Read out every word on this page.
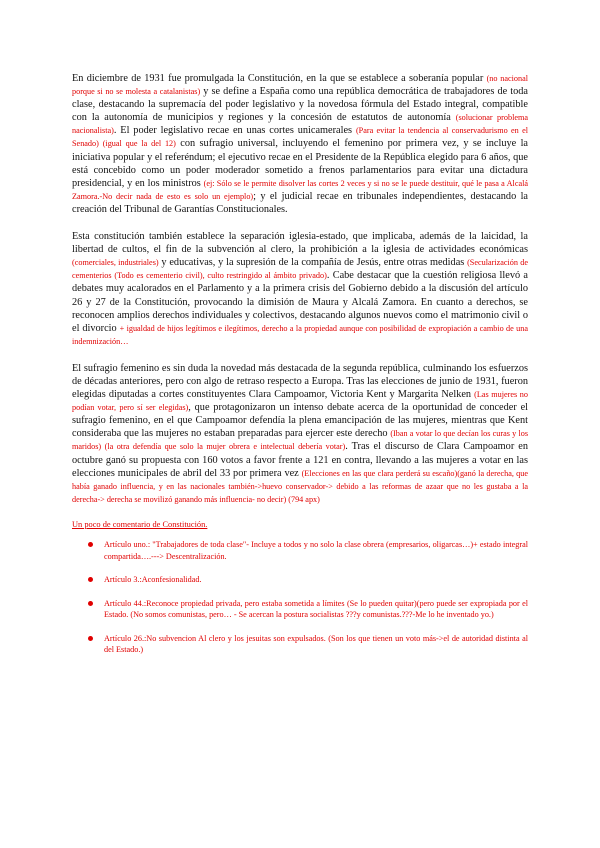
En diciembre de 1931 fue promulgada la Constitución, en la que se establece a soberanía popular (no nacional porque si no se molesta a catalanistas) y se define a España como una república democrática de trabajadores de toda clase, destacando la supremacía del poder legislativo y la novedosa fórmula del Estado integral, compatible con la autonomía de municipios y regiones y la concesión de estatutos de autonomía (solucionar problema nacionalista). El poder legislativo recae en unas cortes unicamerales (Para evitar la tendencia al conservadurismo en el Senado) (igual que la del 12) con sufragio universal, incluyendo el femenino por primera vez, y se incluye la iniciativa popular y el referéndum; el ejecutivo recae en el Presidente de la República elegido para 6 años, que está concebido como un poder moderador sometido a frenos parlamentarios para evitar una dictadura presidencial, y en los ministros (ej: Sólo se le permite disolver las cortes 2 veces y si no se le puede destituir, qué le pasa a Alcalá Zamora.-No decir nada de esto es solo un ejemplo); y el judicial recae en tribunales independientes, destacando la creación del Tribunal de Garantías Constitucionales.

Esta constitución también establece la separación iglesia-estado, que implicaba, además de la laicidad, la libertad de cultos, el fin de la subvención al clero, la prohibición a la iglesia de actividades económicas (comerciales, industriales) y educativas, y la supresión de la compañía de Jesús, entre otras medidas (Secularización de cementerios (Todo es cementerio civil), culto restringido al ámbito privado). Cabe destacar que la cuestión religiosa llevó a debates muy acalorados en el Parlamento y a la primera crisis del Gobierno debido a la discusión del artículo 26 y 27 de la Constitución, provocando la dimisión de Maura y Alcalá Zamora. En cuanto a derechos, se reconocen amplios derechos individuales y colectivos, destacando algunos nuevos como el matrimonio civil o el divorcio + igualdad de hijos legítimos e ilegítimos, derecho a la propiedad aunque con posibilidad de expropiación a cambio de una indemnización…

El sufragio femenino es sin duda la novedad más destacada de la segunda república, culminando los esfuerzos de décadas anteriores, pero con algo de retraso respecto a Europa. Tras las elecciones de junio de 1931, fueron elegidas diputadas a cortes constituyentes Clara Campoamor, Victoria Kent y Margarita Nelken (Las mujeres no podían votar, pero sí ser elegidas), que protagonizaron un intenso debate acerca de la oportunidad de conceder el sufragio femenino, en el que Campoamor defendía la plena emancipación de las mujeres, mientras que Kent consideraba que las mujeres no estaban preparadas para ejercer este derecho (Iban a votar lo que decían los curas y los maridos) (la otra defendía que solo la mujer obrera e intelectual debería votar). Tras el discurso de Clara Campoamor en octubre ganó su propuesta con 160 votos a favor frente a 121 en contra, llevando a las mujeres a votar en las elecciones municipales de abril del 33 por primera vez (Elecciones en las que clara perderá su escaño)(ganó la derecha, que había ganado influencia, y en las nacionales también->huevo conservador-> debido a las reformas de azaar que no les gustaba a la derecha-> derecha se movilizó ganando más influencia- no decir) (794 apx)

Un poco de comentario de Constitución.
Artículo uno.: "Trabajadores de toda clase"- Incluye a todos y no solo la clase obrera (empresarios, oligarcas…)+ estado integral compartida….---> Descentralización.
Artículo 3.:Aconfesionalidad.
Artículo 44.:Reconoce propiedad privada, pero estaba sometida a límites (Se lo pueden quitar)(pero puede ser expropiada por el Estado. (No somos comunistas, pero… - Se acercan la postura socialistas ???y comunistas.???-Me lo he inventado yo.)
Artículo 26.:No subvencion Al clero y los jesuitas son expulsados. (Son los que tienen un voto más->el de autoridad distinta al del Estado.)
